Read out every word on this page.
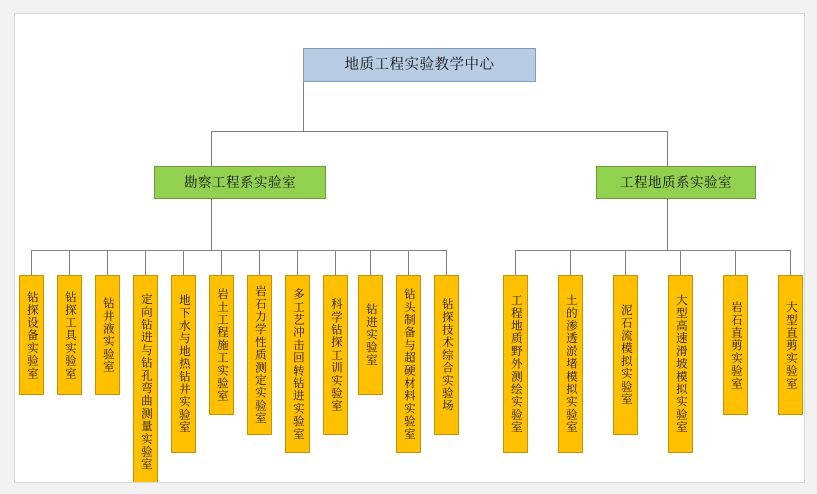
地质工程实验教学中心
勘察工程系实验室	工程地质系实验室
钻探设备实验室 钻探工具实验室 钻井液实验室 定向钻进与钻孔弯曲测量实验室 地下水与地热钻井实验室 岩土工程施工实验室 岩石力学性质测定实验室 多工艺冲击回转钻进实验室 科学钻探工训实验室 钻进实验室 钻头制备与超硬材料实验室 钻探技术综合实验场	工程地质野外测绘实验室	土的渗透淤堵模拟实验室	泥石流模拟实验室	大型高速滑坡模拟实验室	岩石直剪实验室	大型直剪实验室
